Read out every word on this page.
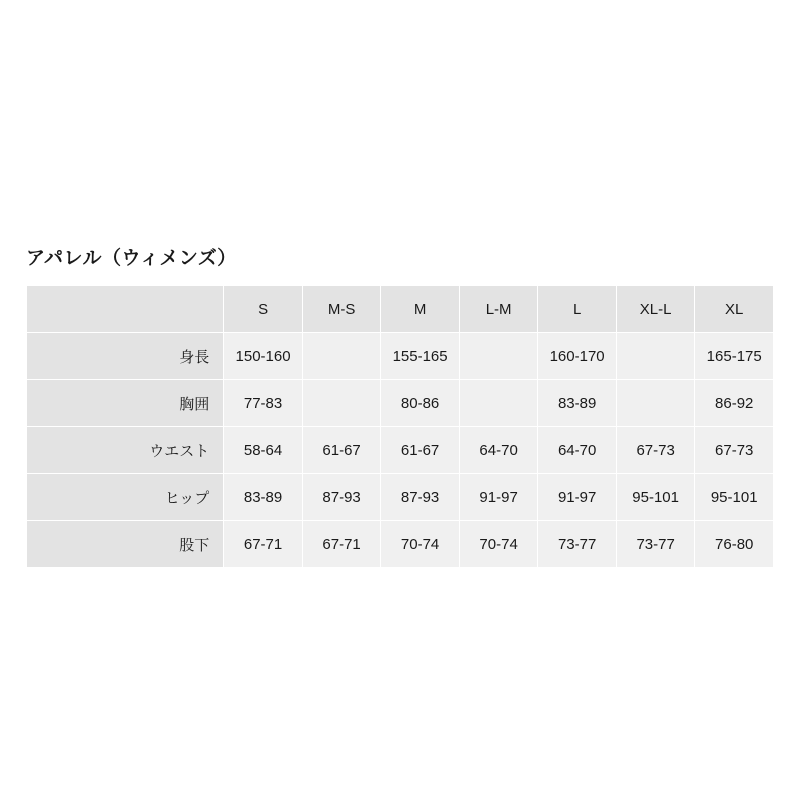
アパレル（ウィメンズ）
	S	M-S	M	L-M	L	XL-L	XL
身長	150-160		155-165		160-170		165-175
胸囲	77-83		80-86		83-89		86-92
ウエスト	58-64	61-67	61-67	64-70	64-70	67-73	67-73
ヒップ	83-89	87-93	87-93	91-97	91-97	95-101	95-101
股下	67-71	67-71	70-74	70-74	73-77	73-77	76-80
